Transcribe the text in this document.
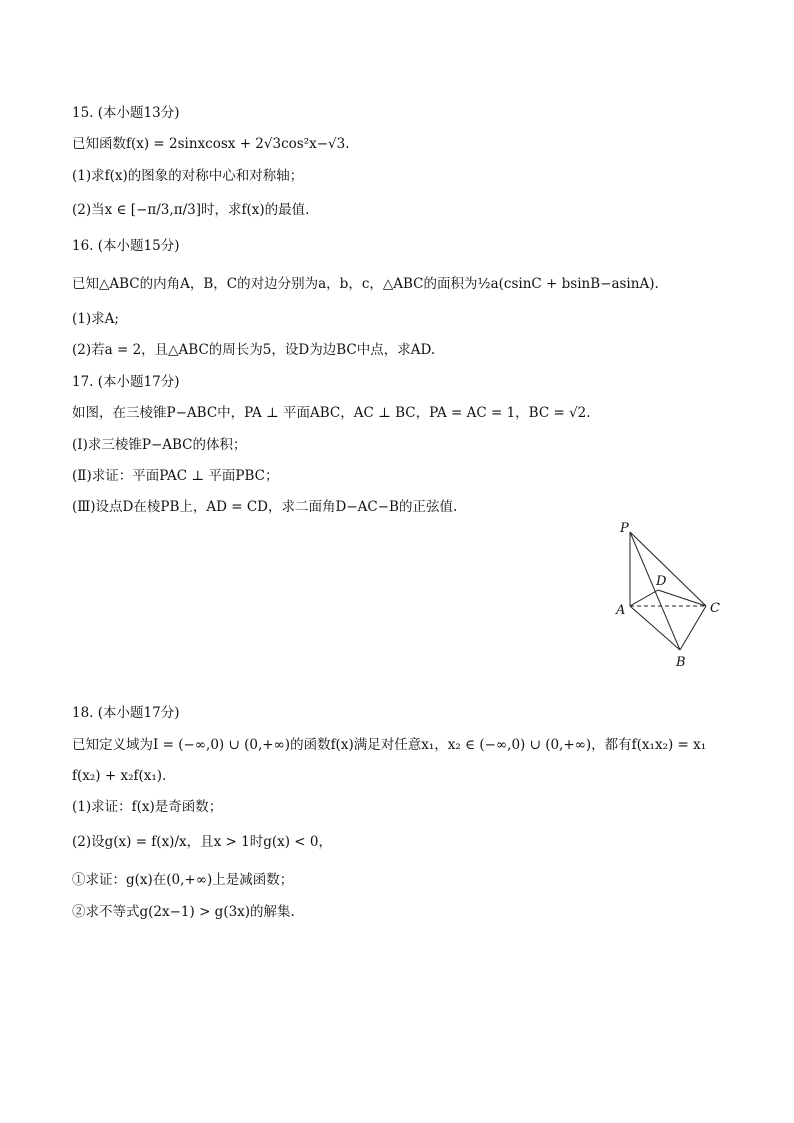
15. (本小题13分)
已知函数f(x) = 2sinxcosx + 2√3cos²x−√3.
(1)求f(x)的图象的对称中心和对称轴；
(2)当x ∈ [−π/3,π/3]时，求f(x)的最值.
16. (本小题15分)
已知△ABC的内角A，B，C的对边分别为a，b，c，△ABC的面积为½a(csinC + bsinB−asinA).
(1)求A;
(2)若a = 2，且△ABC的周长为5，设D为边BC中点，求AD.
17. (本小题17分)
如图，在三棱锥P−ABC中，PA ⊥ 平面ABC，AC ⊥ BC，PA = AC = 1，BC = √2.
(Ⅰ)求三棱锥P−ABC的体积；
(Ⅱ)求证：平面PAC ⊥ 平面PBC；
(Ⅲ)设点D在棱PB上，AD = CD，求二面角D−AC−B的正弦值.
P
A	C
B
D
18. (本小题17分)
已知定义域为I = (−∞,0) ∪ (0,+∞)的函数f(x)满足对任意x₁，x₂ ∈ (−∞,0) ∪ (0,+∞)，都有f(x₁x₂) = x₁
f(x₂) + x₂f(x₁).
(1)求证：f(x)是奇函数；
(2)设g(x) = f(x)/x，且x > 1时g(x) < 0，
①求证：g(x)在(0,+∞)上是减函数；
②求不等式g(2x−1) > g(3x)的解集.
